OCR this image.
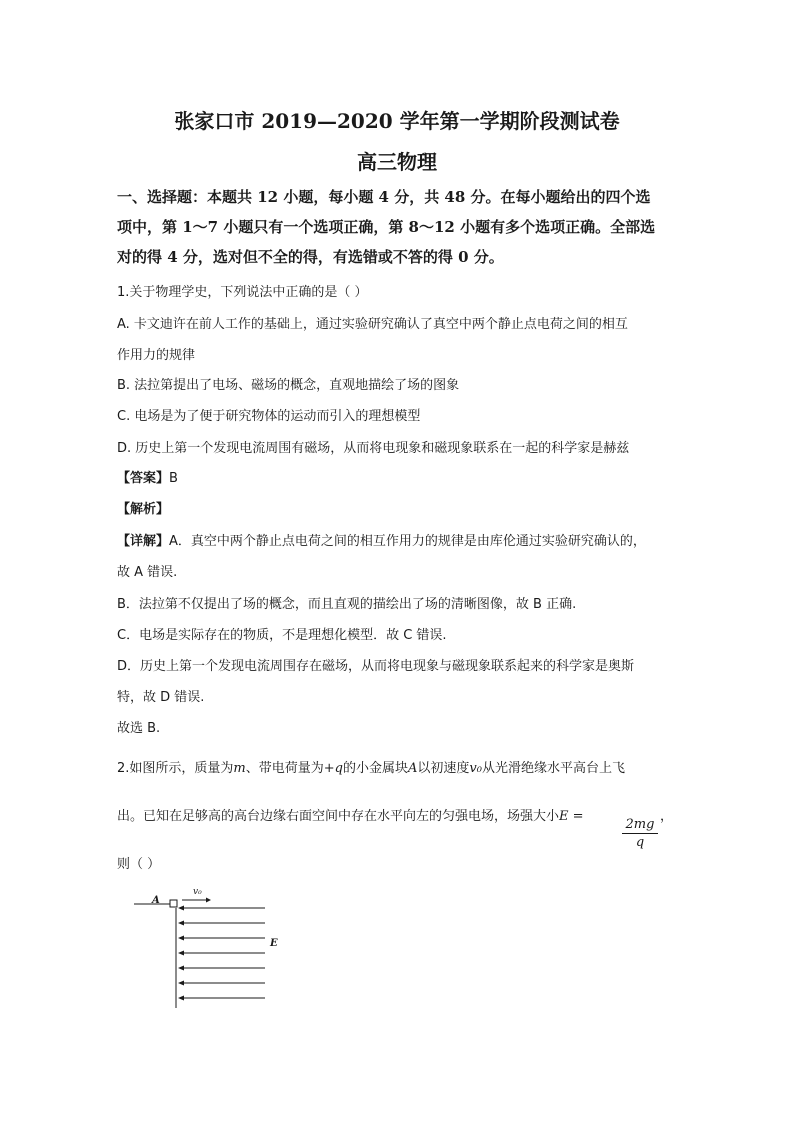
张家口市 2019—2020 学年第一学期阶段测试卷
高三物理
一、选择题：本题共 12 小题，每小题 4 分，共 48 分。在每小题给出的四个选
项中，第 1～7 小题只有一个选项正确，第 8～12 小题有多个选项正确。全部选
对的得 4 分，选对但不全的得，有选错或不答的得 0 分。
1.关于物理学史，下列说法中正确的是（ ）
A. 卡文迪许在前人工作的基础上，通过实验研究确认了真空中两个静止点电荷之间的相互
作用力的规律
B. 法拉第提出了电场、磁场的概念，直观地描绘了场的图象
C. 电场是为了便于研究物体的运动而引入的理想模型
D. 历史上第一个发现电流周围有磁场，从而将电现象和磁现象联系在一起的科学家是赫兹
【答案】B
【解析】
【详解】A．真空中两个静止点电荷之间的相互作用力的规律是由库伦通过实验研究确认的，
故 A 错误.
B．法拉第不仅提出了场的概念，而且直观的描绘出了场的清晰图像，故 B 正确.
C．电场是实际存在的物质，不是理想化模型．故 C 错误.
D．历史上第一个发现电流周围存在磁场，从而将电现象与磁现象联系起来的科学家是奥斯
特，故 D 错误.
故选 B.
2.如图所示，质量为m、带电荷量为+q的小金属块A以初速度v₀从光滑绝缘水平高台上飞
出。已知在足够高的高台边缘右面空间中存在水平向左的匀强电场，场强大小E =
$\frac{2mg}{q}$
，
则（ ）
A
v₀
E
